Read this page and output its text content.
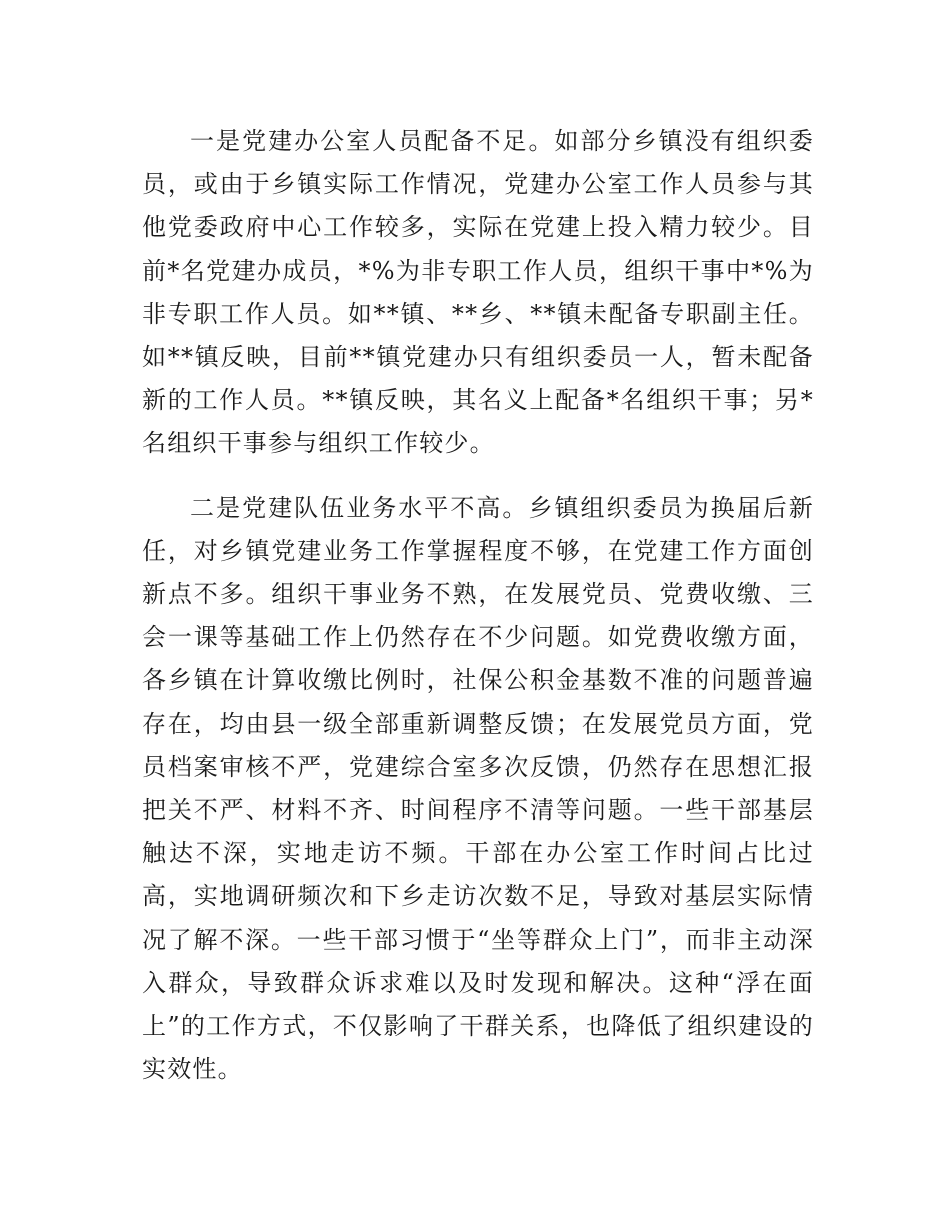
一是党建办公室人员配备不足。如部分乡镇没有组织委员，或由于乡镇实际工作情况，党建办公室工作人员参与其他党委政府中心工作较多，实际在党建上投入精力较少。目前*名党建办成员，*%为非专职工作人员，组织干事中*%为非专职工作人员。如**镇、**乡、**镇未配备专职副主任。如**镇反映，目前**镇党建办只有组织委员一人，暂未配备新的工作人员。**镇反映，其名义上配备*名组织干事；另*名组织干事参与组织工作较少。

二是党建队伍业务水平不高。乡镇组织委员为换届后新任，对乡镇党建业务工作掌握程度不够，在党建工作方面创新点不多。组织干事业务不熟，在发展党员、党费收缴、三会一课等基础工作上仍然存在不少问题。如党费收缴方面，各乡镇在计算收缴比例时，社保公积金基数不准的问题普遍存在，均由县一级全部重新调整反馈；在发展党员方面，党员档案审核不严，党建综合室多次反馈，仍然存在思想汇报把关不严、材料不齐、时间程序不清等问题。一些干部基层触达不深，实地走访不频。干部在办公室工作时间占比过高，实地调研频次和下乡走访次数不足，导致对基层实际情况了解不深。一些干部习惯于“坐等群众上门”，而非主动深入群众，导致群众诉求难以及时发现和解决。这种“浮在面上”的工作方式，不仅影响了干群关系，也降低了组织建设的实效性。
